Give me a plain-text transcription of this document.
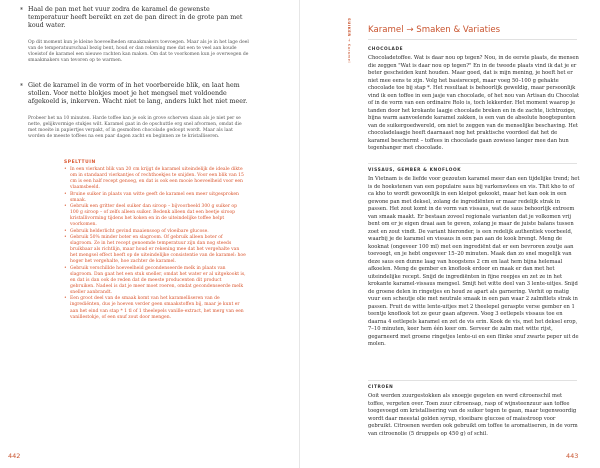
* Haal de pan met het vuur zodra de karamel de gewenste temperatuur heeft bereikt en zet de pan direct in de grote pan met koud water.

Op dit moment kun je kleine hoeveelheden smaakmakers toevoegen. Maar als je in het lage deel van de temperatuurschaal bezig bent, houd er dan rekening mee dat een te veel aan koude vloeistof de karamel een nieuwe rachten kan maken. Om dat te voorkomen kun je overwegen de smaakmakers van tevoren op te warmen.

* Giet de karamel in de vorm of in het voorbereide blik, en laat hem stollen. Voor nette blokjes moet je het mengsel met voldoende afgekoeld is, inkerven. Wacht niet te lang, anders lukt het niet meer.

Probeer het na 10 minuten. Harde toffee kan je ook in grove scherven slaan als je niet per se nette, gelijkvormige stukjes wilt. Karamel gaat in de opschuttle erg snel afvormen, omdat die met moeite in papiertjes verpakt, of in gesmolten chocolade gedoopt wordt. Maar als laat worden de meeste toffees na een paar dagen zacht en beginnen ze te kristalliseren.

SPELTTUIN

• In een vierkant blik van 20 cm krijgt de karamel uiteindelijk de ideale dikte om in standaard vierkantjes of rechthoekjes te snijden. Voor een blik van 15 cm is een half recept genoeg, en dat is ook een mooie hoeveelheid voor een vlaamsbeeld.
• Bruine suiker in plaats van witte geeft de karamel een meer uitgesproken smaak.
• Gebruik een gritter deel suiker dan siroop – bijvoorbeeld 300 g suiker op 100 g siroop – of zelfs alleen suiker. Bedenk alleen dat een beetje siroop kristallivorming tijdens het koken en in de uiteindelijke toffee helpt voorkomen.
• Gebruik helderlicht gevind maaiensoop of vloeibare glucose.
• Gebruik 50% minder boter en slagroom. Of gebruik alleen boter of slagroom. Ze in het recept genoemde temperatuur zijn dan nog steeds bruikbaar als richtlijn, maar houd er rekening mee dat het vergehalte van het mengsel effect heeft op de uiteindelijke consistentie van de karamel: hoe hoger het vergehalte, hoe zachter de karamel.
• Gebruik verschillde hoeveelheid gecondenseerde melk in plaats van slagroom. Dan gaat het een stuk sneller, omdat het water er al uitgekookt is, en dat is dan ook de reden dat de meeste producenten dit product gebruiken. Nadeel is dat je meer moet roeren, omdat gecondenseerde melk sneller aanbrandt.
• Een groot deel van de smaak komt van het karamelliseren van de ingrediënten, dus je hoeven verder geen smaakstoffen bij, maar je kunt er aan het eind van stap * 1 tl of 1 theelepels vanille-extract, het merg van een vanillestokje, of een snuf zout door mengen.
442
SUIKER → Karamel

Karamel → Smaken & Variaties

CHOCOLADE

Chocoladetoffee. Wat is daar nou op tegen? Nou, in de eerste plaats, de mensen die zeggen "Wat is daar nou op tegen?" En in de tweede plaats vind ik dat je er beter gescheiden kunt houden. Maar goed, dat is mijn mening, je hoeft het er niet mee eens te zijn. Volg het basisrecept, maar voeg 50–100 g gehakte chocolade toe bij stap *. Het resultaat is behoorlijk geweldig, maar persoonlijk vind ik een toffee in een jasje van chocolade, of het nou van Artisan du Chocolat of in de vorm van een ordinaire Rolo is, toch lekkerder. Het moment waarop je tanden door het krokante laagje chocolade breken en in de zachte, lichtrozige, bijna warm aanvoelende karamel zakken, is een van de absolute hoogtepunten van de suikergoedwereld, om niet te zeggen van de menselijke beschaving. Het chocoladelaagje heeft daarnaast nog het praktische voordeel dat het de karamel beschermt – toffees in chocolade gaan zowieso langer mee dan hun tegenhanger met chocolade.

VISSAUS, GEMBER & KNOFLOOK

In Vietnam is de liefde voor gezouten karamel meer dan een tijdelijke trend; het is de hoekstenen van een populaire saus bij varkensvlees en vis. Thit kho to of ca kho to wordt gewoonlijk in een kleipot gekookt, maar het kan ook in een gewone pan met deksel, zolang de ingrediënten er maar redelijk strak in passen. Het zout komt in de vorm van vissaus, wat de saus behoorlijk extreem van smaak maakt. Er bestaan zoveel regionale varianten dat je volkomen vrij bent om er je eigen draai aan te geven, zolang je maar de juiste balans tussen zoet en zout vindt. De variant hieronder, is een redelijk authentiek voorbeeld, waarbij je de karamel en vissaus in een pan aan de kook brengt. Meng de kooknat (ongeveer 100 ml) met een ingrediënt dat er een bevroren zoutje aan toevoegt, en je hebt ongeveer 15–20 minuten. Maak dan zo snel mogelijk van deze saus een dunne laag van hoogstens 2 cm en laat hem bijna helemaal afkoelen. Meng de gember en knoflook erdoor en maak er dan met het uiteindelijke recept. Snijd de ingrediënten in fijne reepjes en zet ze in het krokante karamel-vissaus mengsel. Smijt het witte deel van 3 lente-uitjes. Snijd de groene delen in ringetjes en houd ze apart als garnering. Verhit op matig vuur een scheutje olie met neutrale smaak in een pan waar 2 zalmfilets strak in passen. Fruit de witte lente-uitjes met 2 theelepel geraspte verse gember en 1 teentje knoflook tot ze geur gaan afgeven. Voeg 3 eetlepels vissaus toe en daarna 4 eetlepels karamel en zet de vis erin. Kook de vis, met het deksel erop, 7–10 minuten, keer hem één keer om. Serveer de zalm met witte rijst, gegarneerd met groene ringetjes lente-ui en een flinke snuf zwarte peper uit de molen.

CITROEN

Ooit werden zuurgestokken als snoepje gegeten en werd citroenschil met toffee, vergeten over. Toen zuur citroensap, rasp of wijnsteenzuur aan toffee toegevoegd om kristallisering van de suiker tegen te gaan, maar tegenwoordig wordt daar meestal golden syrup, vloeibare glucose of maisstroop voor gebruikt. Citroenen werden ook gebruikt om toffee te aromatiseren, in de vorm van citroenolie (5 druppels op 450 g) of schil.

443
